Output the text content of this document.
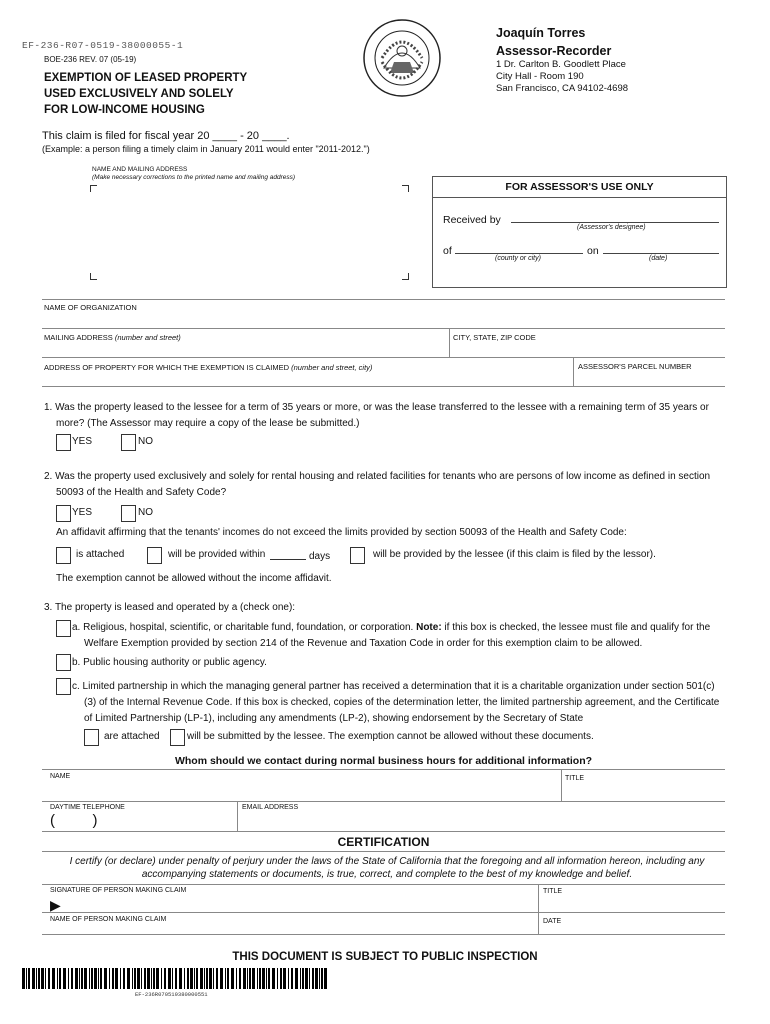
EF-236-R07-0519-38000055-1
BOE-236 REV. 07 (05-19)
EXEMPTION OF LEASED PROPERTY
USED EXCLUSIVELY AND SOLELY
FOR LOW-INCOME HOUSING
Joaquín Torres
Assessor-Recorder
1 Dr. Carlton B. Goodlett Place
City Hall - Room 190
San Francisco, CA 94102-4698
This claim is filed for fiscal year 20 ____ - 20 ____.
(Example: a person filing a timely claim in January 2011 would enter "2011-2012.")
NAME AND MAILING ADDRESS
(Make necessary corrections to the printed name and mailing address)
FOR ASSESSOR'S USE ONLY
Received by
(Assessor's designee)
of
(county or city)
on
(date)
NAME OF ORGANIZATION
MAILING ADDRESS (number and street)	CITY, STATE, ZIP CODE
ADDRESS OF PROPERTY FOR WHICH THE EXEMPTION IS CLAIMED (number and street, city)	ASSESSOR'S PARCEL NUMBER
1. Was the property leased to the lessee for a term of 35 years or more, or was the lease transferred to the lessee with a remaining term of 35 years or
more? (The Assessor may require a copy of the lease be submitted.)
YES	NO
2. Was the property used exclusively and solely for rental housing and related facilities for tenants who are persons of low income as defined in section
50093 of the Health and Safety Code?
YES	NO
An affidavit affirming that the tenants' incomes do not exceed the limits provided by section 50093 of the Health and Safety Code:
is attached	will be provided within	days	will be provided by the lessee (if this claim is filed by the lessor).
The exemption cannot be allowed without the income affidavit.
3. The property is leased and operated by a (check one):
a. Religious, hospital, scientific, or charitable fund, foundation, or corporation. Note: if this box is checked, the lessee must file and qualify for the
Welfare Exemption provided by section 214 of the Revenue and Taxation Code in order for this exemption claim to be allowed.
b. Public housing authority or public agency.
c. Limited partnership in which the managing general partner has received a determination that it is a charitable organization under section 501(c)
(3) of the Internal Revenue Code. If this box is checked, copies of the determination letter, the limited partnership agreement, and the Certificate
of Limited Partnership (LP-1), including any amendments (LP-2), showing endorsement by the Secretary of State
are attached	will be submitted by the lessee. The exemption cannot be allowed without these documents.
Whom should we contact during normal business hours for additional information?
NAME	TITLE
DAYTIME TELEPHONE	EMAIL ADDRESS
(         )
CERTIFICATION
I certify (or declare) under penalty of perjury under the laws of the State of California that the foregoing and all information hereon, including any
accompanying statements or documents, is true, correct, and complete to the best of my knowledge and belief.
SIGNATURE OF PERSON MAKING CLAIM
▶
TITLE
NAME OF PERSON MAKING CLAIM	DATE
THIS DOCUMENT IS SUBJECT TO PUBLIC INSPECTION
EF-236R070519380000551
